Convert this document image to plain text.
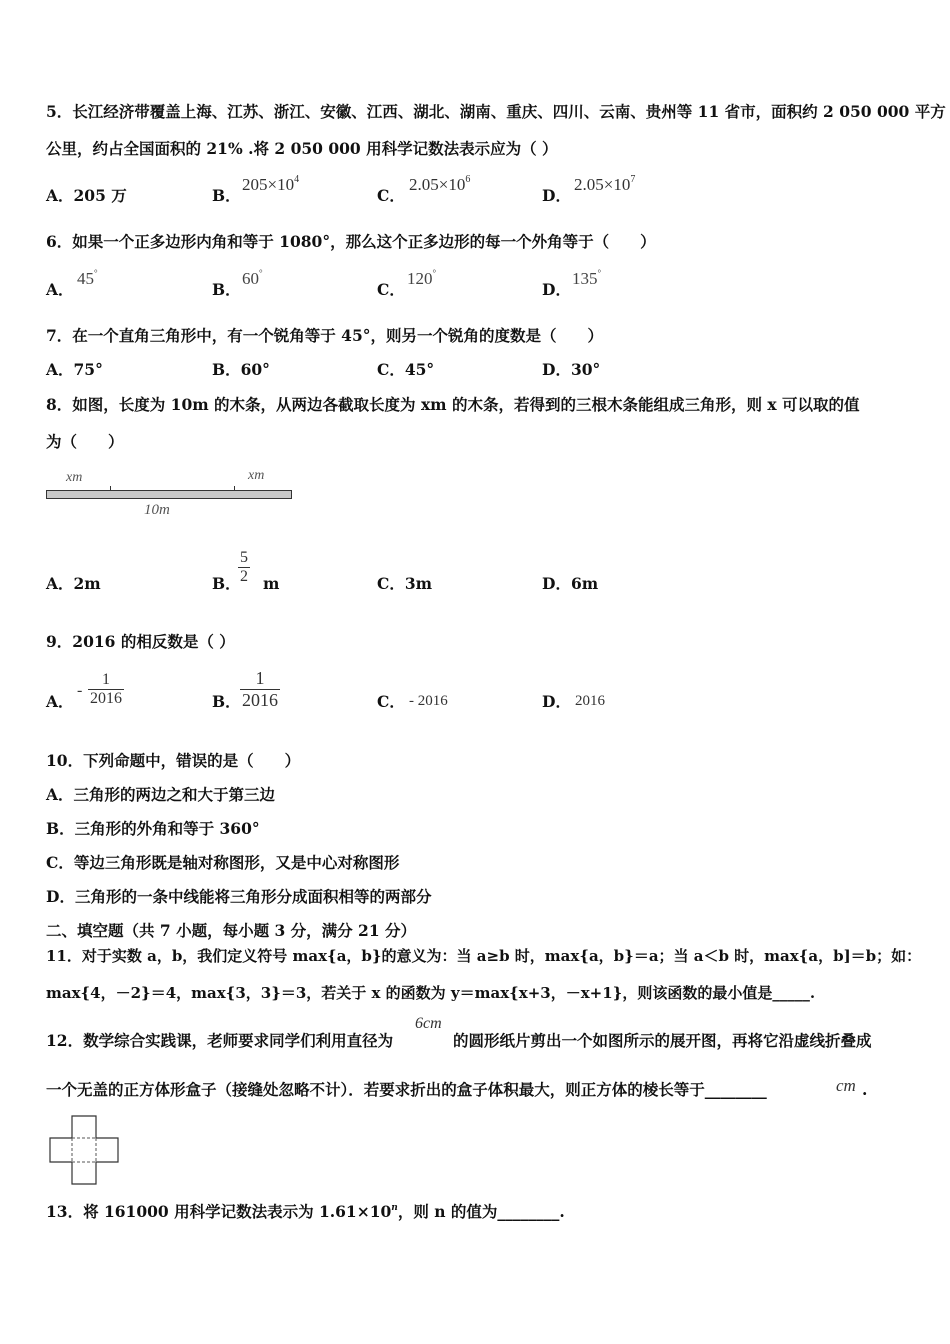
5．长江经济带覆盖上海、江苏、浙江、安徽、江西、湖北、湖南、重庆、四川、云南、贵州等 11 省市，面积约 2 050 000 平方
公里，约占全国面积的 21% .将 2 050 000 用科学记数法表示应为（ ）
A．205 万	B．
$205\times 10^4$
C．
$2.05\times 10^6$
D．
$2.05\times 10^7$
6．如果一个正多边形内角和等于 1080°，那么这个正多边形的每一个外角等于（　　）
A．
45°
B．
60°
C．
120°
D．
135°
7．在一个直角三角形中，有一个锐角等于 45°，则另一个锐角的度数是（　　）
A．75°	B．60°	C．45°	D．30°
8．如图，长度为 10m 的木条，从两边各截取长度为 xm 的木条，若得到的三根木条能组成三角形，则 x 可以取的值
为（　　）
xm	xm
10m
A．2m	B．
$\frac{5}{2}$ m	C．3m	D．6m
9．2016 的相反数是（ ）
A．
- $\frac{1}{2016}$	B． $\frac{1}{2016}$	C． - 2016	D． 2016
10．下列命题中，错误的是（　　）
A．三角形的两边之和大于第三边
B．三角形的外角和等于 360°
C．等边三角形既是轴对称图形，又是中心对称图形
D．三角形的一条中线能将三角形分成面积相等的两部分
二、填空题（共 7 小题，每小题 3 分，满分 21 分）
11．对于实数 a，b，我们定义符号 max{a，b}的意义为：当 a≥b 时，max{a，b}＝a；当 a＜b 时，max{a，b]＝b；如：
max{4，－2}＝4，max{3，3}＝3，若关于 x 的函数为 y＝max{x+3，－x+1}，则该函数的最小值是_____.
12．数学综合实践课，老师要求同学们利用直径为
6cm
的圆形纸片剪出一个如图所示的展开图，再将它沿虚线折叠成
一个无盖的正方体形盒子（接缝处忽略不计）．若要求折出的盒子体积最大，则正方体的棱长等于________	cm .
13．将 161000 用科学记数法表示为 $1.61\times 10^n$，则 n 的值为________.
